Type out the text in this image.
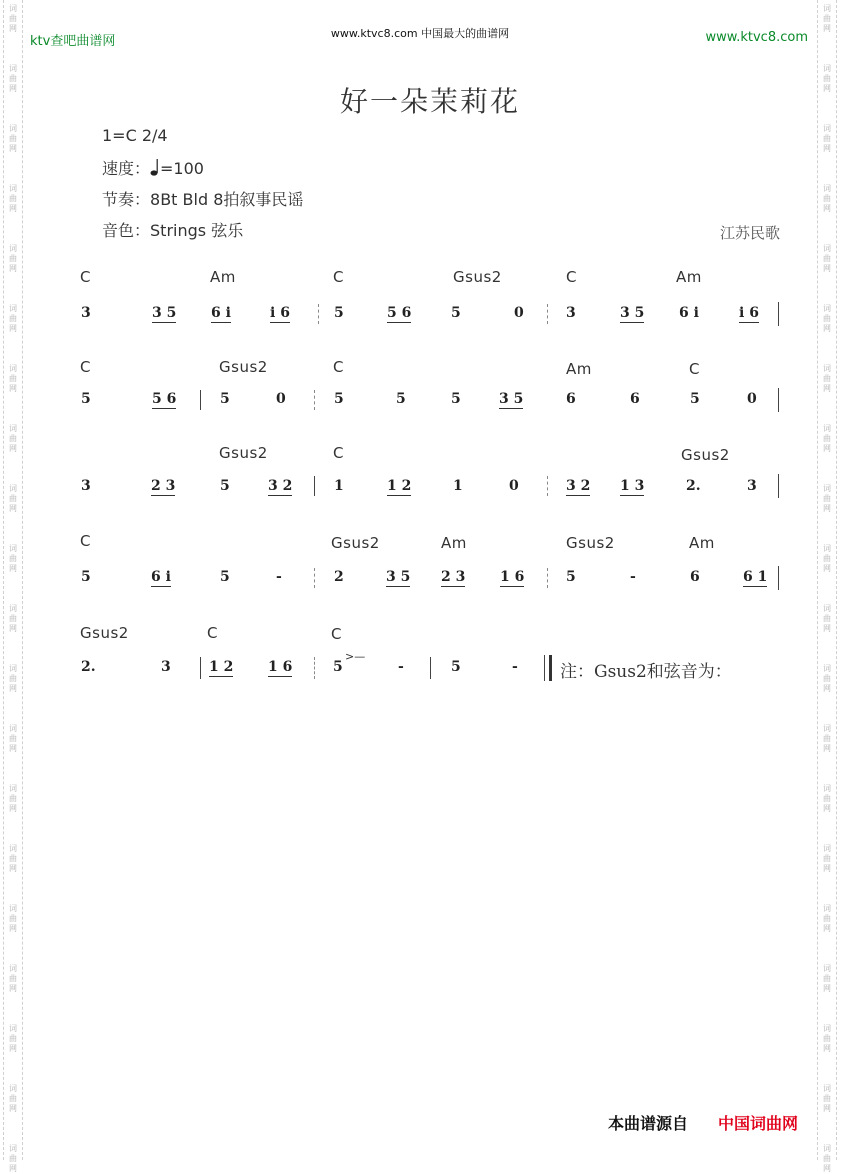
词
曲
网
词
曲
网
词
曲
网
词
曲
网
词
曲
网
词
曲
网
词
曲
网
词
曲
网
词
曲
网
词
曲
网
词
曲
网
词
曲
网
词
曲
网
词
曲
网
词
曲
网
词
曲
网
词
曲
网
词
曲
网
词
曲
网
词
曲
网
词
曲
网
词
曲
网
词
曲
网
词
曲
网
词
曲
网
词
曲
网
词
曲
网
词
曲
网
词
曲
网
词
曲
网
词
曲
网
词
曲
网
词
曲
网
词
曲
网
词
曲
网
词
曲
网
词
曲
网
词
曲
网
词
曲
网
词
曲
网
ktv查吧曲谱网
www.ktvc8.com 中国最大的曲谱网	www.ktvc8.com
好一朵茉莉花
1=C 2/4
速度： =100
节奏：8Bt Bld 8拍叙事民谣
音色：Strings 弦乐	江苏民歌
C	Am	C	Gsus2	C	Am
3	3 5 6 i	i 6	5	5 6	5	0	3	3 5 6 i	i 6
C	Gsus2	C	Am	C
5	5 6	5	0	5	5	5	3 5	6	6	5	0
Gsus2	C	Gsus2
3	2 3	5	3 2	1	1 2	1	0	3 2 1 3	2.	3
C	Gsus2	Am	Gsus2	Am
5	6 i	5	-	2	3 5 2 3 1 6	5	-	6	6 1
Gsus2	C	C
2.	3	1 2 1 6	5
>—
-	5	- 注：Gsus2和弦音为：
本曲谱源自 中国词曲网
